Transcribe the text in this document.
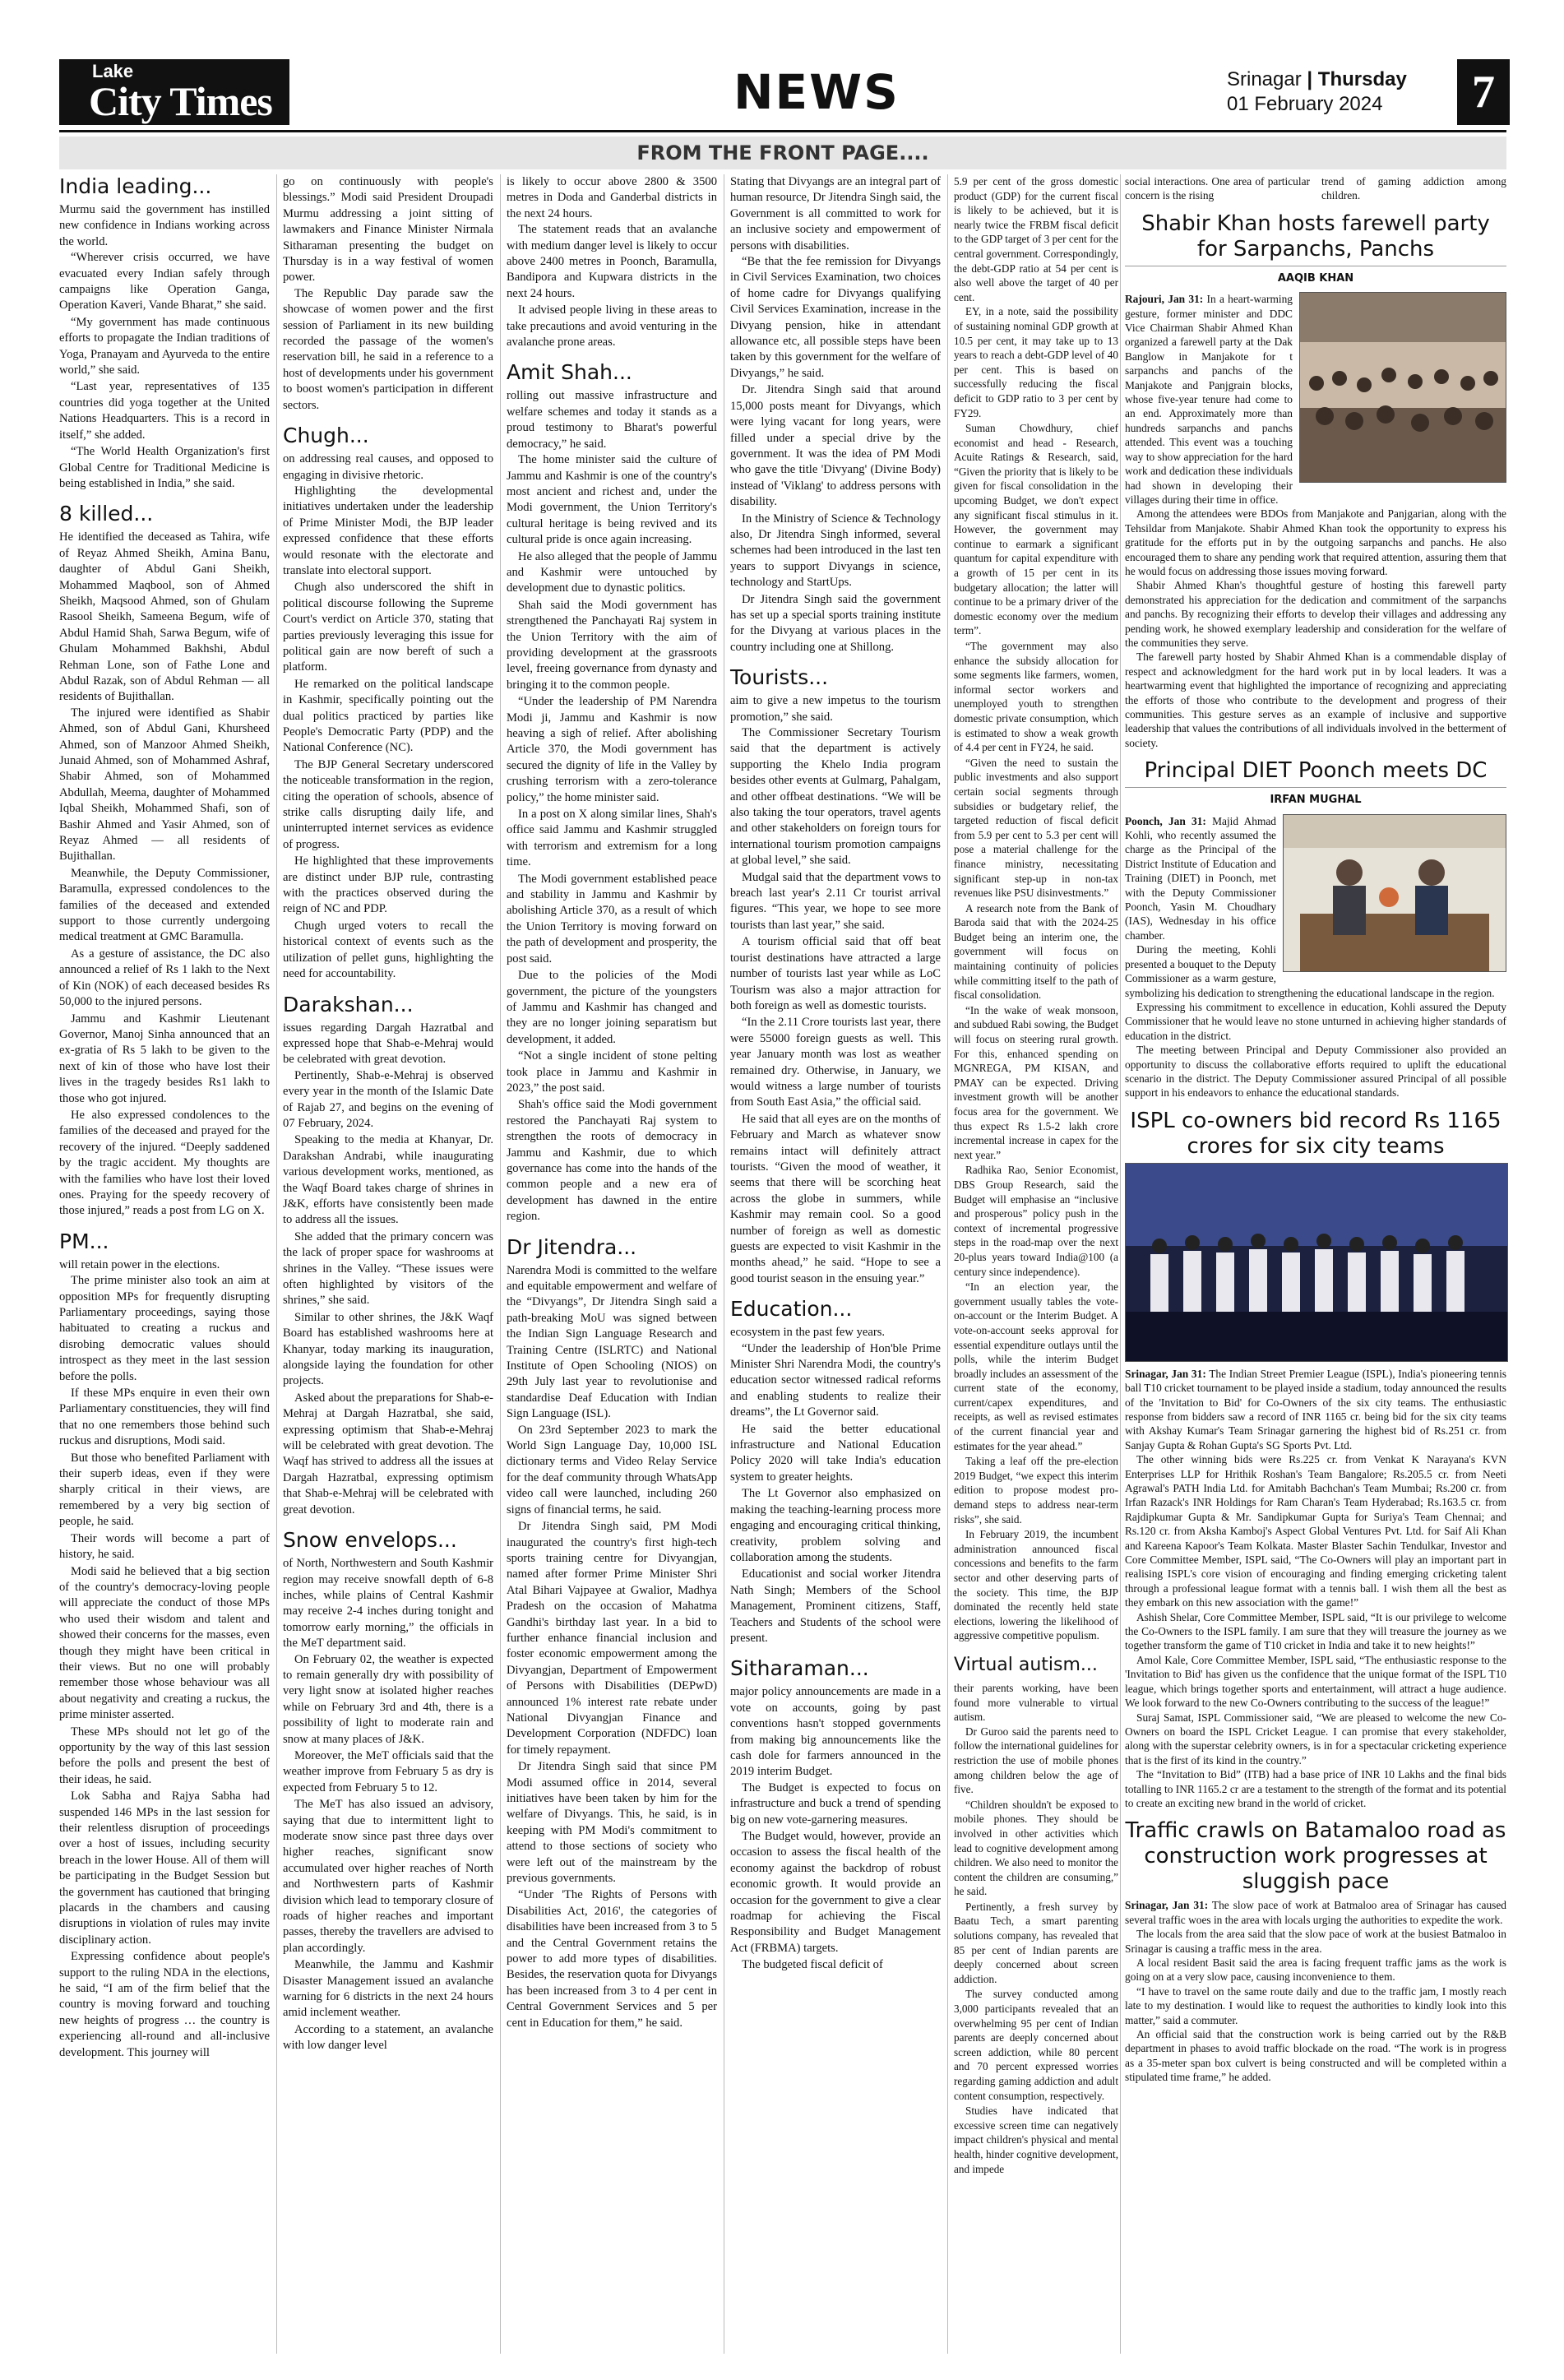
Lake
City Times	NEWS	Srinagar | Thursday
01 February 2024	7
FROM THE FRONT PAGE....
India leading...

Murmu said the government has instilled new confidence in Indians working across the world.

“Wherever crisis occurred, we have evacuated every Indian safely through campaigns like Operation Ganga, Operation Kaveri, Vande Bharat,” she said.

“My government has made continuous efforts to propagate the Indian traditions of Yoga, Pranayam and Ayurveda to the entire world,” she said.

“Last year, representatives of 135 countries did yoga together at the United Nations Headquarters. This is a record in itself,” she added.

“The World Health Organization's first Global Centre for Traditional Medicine is being established in India,” she said.

8 killed...

He identified the deceased as Tahira, wife of Reyaz Ahmed Sheikh, Amina Banu, daughter of Abdul Gani Sheikh, Mohammed Maqbool, son of Ahmed Sheikh, Maqsood Ahmed, son of Ghulam Rasool Sheikh, Sameena Begum, wife of Abdul Hamid Shah, Sarwa Begum, wife of Ghulam Mohammed Bakhshi, Abdul Rehman Lone, son of Fathe Lone and Abdul Razak, son of Abdul Rehman — all residents of Bujithallan.

The injured were identified as Shabir Ahmed, son of Abdul Gani, Khursheed Ahmed, son of Manzoor Ahmed Sheikh, Junaid Ahmed, son of Mohammed Ashraf, Shabir Ahmed, son of Mohammed Abdullah, Meema, daughter of Mohammed Iqbal Sheikh, Mohammed Shafi, son of Bashir Ahmed and Yasir Ahmed, son of Reyaz Ahmed — all residents of Bujithallan.

Meanwhile, the Deputy Commissioner, Baramulla, expressed condolences to the families of the deceased and extended support to those currently undergoing medical treatment at GMC Baramulla.

As a gesture of assistance, the DC also announced a relief of Rs 1 lakh to the Next of Kin (NOK) of each deceased besides Rs 50,000 to the injured persons.

Jammu and Kashmir Lieutenant Governor, Manoj Sinha announced that an ex-gratia of Rs 5 lakh to be given to the next of kin of those who have lost their lives in the tragedy besides Rs1 lakh to those who got injured.

He also expressed condolences to the families of the deceased and prayed for the recovery of the injured. “Deeply saddened by the tragic accident. My thoughts are with the families who have lost their loved ones. Praying for the speedy recovery of those injured,” reads a post from LG on X.

PM...

will retain power in the elections.

The prime minister also took an aim at opposition MPs for frequently disrupting Parliamentary proceedings, saying those habituated to creating a ruckus and disrobing democratic values should introspect as they meet in the last session before the polls.

If these MPs enquire in even their own Parliamentary constituencies, they will find that no one remembers those behind such ruckus and disruptions, Modi said.

But those who benefited Parliament with their superb ideas, even if they were sharply critical in their views, are remembered by a very big section of people, he said.

Their words will become a part of history, he said.

Modi said he believed that a big section of the country's democracy-loving people will appreciate the conduct of those MPs who used their wisdom and talent and showed their concerns for the masses, even though they might have been critical in their views. But no one will probably remember those whose behaviour was all about negativity and creating a ruckus, the prime minister asserted.

These MPs should not let go of the opportunity by the way of this last session before the polls and present the best of their ideas, he said.

Lok Sabha and Rajya Sabha had suspended 146 MPs in the last session for their relentless disruption of proceedings over a host of issues, including security breach in the lower House. All of them will be participating in the Budget Session but the government has cautioned that bringing placards in the chambers and causing disruptions in violation of rules may invite disciplinary action.

Expressing confidence about people's support to the ruling NDA in the elections, he said, “I am of the firm belief that the country is moving forward and touching new heights of progress … the country is experiencing all-round and all-inclusive development. This journey will

go on continuously with people's blessings.” Modi said President Droupadi Murmu addressing a joint sitting of lawmakers and Finance Minister Nirmala Sitharaman presenting the budget on Thursday is in a way festival of women power.

The Republic Day parade saw the showcase of women power and the first session of Parliament in its new building recorded the passage of the women's reservation bill, he said in a reference to a host of developments under his government to boost women's participation in different sectors.

Chugh...

on addressing real causes, and opposed to engaging in divisive rhetoric.

Highlighting the developmental initiatives undertaken under the leadership of Prime Minister Modi, the BJP leader expressed confidence that these efforts would resonate with the electorate and translate into electoral support.

Chugh also underscored the shift in political discourse following the Supreme Court's verdict on Article 370, stating that parties previously leveraging this issue for political gain are now bereft of such a platform.

He remarked on the political landscape in Kashmir, specifically pointing out the dual politics practiced by parties like People's Democratic Party (PDP) and the National Conference (NC).

The BJP General Secretary underscored the noticeable transformation in the region, citing the operation of schools, absence of strike calls disrupting daily life, and uninterrupted internet services as evidence of progress.

He highlighted that these improvements are distinct under BJP rule, contrasting with the practices observed during the reign of NC and PDP.

Chugh urged voters to recall the historical context of events such as the utilization of pellet guns, highlighting the need for accountability.

Darakshan...

issues regarding Dargah Hazratbal and expressed hope that Shab-e-Mehraj would be celebrated with great devotion.

Pertinently, Shab-e-Mehraj is observed every year in the month of the Islamic Date of Rajab 27, and begins on the evening of 07 February, 2024.

Speaking to the media at Khanyar, Dr. Darakshan Andrabi, while inaugurating various development works, mentioned, as the Waqf Board takes charge of shrines in J&K, efforts have consistently been made to address all the issues.

She added that the primary concern was the lack of proper space for washrooms at shrines in the Valley. “These issues were often highlighted by visitors of the shrines,” she said.

Similar to other shrines, the J&K Waqf Board has established washrooms here at Khanyar, today marking its inauguration, alongside laying the foundation for other projects.

Asked about the preparations for Shab-e-Mehraj at Dargah Hazratbal, she said, expressing optimism that Shab-e-Mehraj will be celebrated with great devotion. The Waqf has strived to address all the issues at Dargah Hazratbal, expressing optimism that Shab-e-Mehraj will be celebrated with great devotion.

Snow envelops...

of North, Northwestern and South Kashmir region may receive snowfall depth of 6-8 inches, while plains of Central Kashmir may receive 2-4 inches during tonight and tomorrow early morning,” the officials in the MeT department said.

On February 02, the weather is expected to remain generally dry with possibility of very light snow at isolated higher reaches while on February 3rd and 4th, there is a possibility of light to moderate rain and snow at many places of J&K.

Moreover, the MeT officials said that the weather improve from February 5 as dry is expected from February 5 to 12.

The MeT has also issued an advisory, saying that due to intermittent light to moderate snow since past three days over higher reaches, significant snow accumulated over higher reaches of North and Northwestern parts of Kashmir division which lead to temporary closure of roads of higher reaches and important passes, thereby the travellers are advised to plan accordingly.

Meanwhile, the Jammu and Kashmir Disaster Management issued an avalanche warning for 6 districts in the next 24 hours amid inclement weather.

According to a statement, an avalanche with low danger level

is likely to occur above 2800 & 3500 metres in Doda and Ganderbal districts in the next 24 hours.

The statement reads that an avalanche with medium danger level is likely to occur above 2400 metres in Poonch, Baramulla, Bandipora and Kupwara districts in the next 24 hours.

It advised people living in these areas to take precautions and avoid venturing in the avalanche prone areas.

Amit Shah...

rolling out massive infrastructure and welfare schemes and today it stands as a proud testimony to Bharat's powerful democracy,” he said.

The home minister said the culture of Jammu and Kashmir is one of the country's most ancient and richest and, under the Modi government, the Union Territory's cultural heritage is being revived and its cultural pride is once again increasing.

He also alleged that the people of Jammu and Kashmir were untouched by development due to dynastic politics.

Shah said the Modi government has strengthened the Panchayati Raj system in the Union Territory with the aim of providing development at the grassroots level, freeing governance from dynasty and bringing it to the common people.

“Under the leadership of PM Narendra Modi ji, Jammu and Kashmir is now heaving a sigh of relief. After abolishing Article 370, the Modi government has secured the dignity of life in the Valley by crushing terrorism with a zero-tolerance policy,” the home minister said.

In a post on X along similar lines, Shah's office said Jammu and Kashmir struggled with terrorism and extremism for a long time.

The Modi government established peace and stability in Jammu and Kashmir by abolishing Article 370, as a result of which the Union Territory is moving forward on the path of development and prosperity, the post said.

Due to the policies of the Modi government, the picture of the youngsters of Jammu and Kashmir has changed and they are no longer joining separatism but development, it added.

“Not a single incident of stone pelting took place in Jammu and Kashmir in 2023,” the post said.

Shah's office said the Modi government restored the Panchayati Raj system to strengthen the roots of democracy in Jammu and Kashmir, due to which governance has come into the hands of the common people and a new era of development has dawned in the entire region.

Dr Jitendra...

Narendra Modi is committed to the welfare and equitable empowerment and welfare of the “Divyangs”, Dr Jitendra Singh said a path-breaking MoU was signed between the Indian Sign Language Research and Training Centre (ISLRTC) and National Institute of Open Schooling (NIOS) on 29th July last year to revolutionise and standardise Deaf Education with Indian Sign Language (ISL).

On 23rd September 2023 to mark the World Sign Language Day, 10,000 ISL dictionary terms and Video Relay Service for the deaf community through WhatsApp video call were launched, including 260 signs of financial terms, he said.

Dr Jitendra Singh said, PM Modi inaugurated the country's first high-tech sports training centre for Divyangjan, named after former Prime Minister Shri Atal Bihari Vajpayee at Gwalior, Madhya Pradesh on the occasion of Mahatma Gandhi's birthday last year. In a bid to further enhance financial inclusion and foster economic empowerment among the Divyangjan, Department of Empowerment of Persons with Disabilities (DEPwD) announced 1% interest rate rebate under National Divyangjan Finance and Development Corporation (NDFDC) loan for timely repayment.

Dr Jitendra Singh said that since PM Modi assumed office in 2014, several initiatives have been taken by him for the welfare of Divyangs. This, he said, is in keeping with PM Modi's commitment to attend to those sections of society who were left out of the mainstream by the previous governments.

“Under 'The Rights of Persons with Disabilities Act, 2016', the categories of disabilities have been increased from 3 to 5 and the Central Government retains the power to add more types of disabilities. Besides, the reservation quota for Divyangs has been increased from 3 to 4 per cent in Central Government Services and 5 per cent in Education for them,” he said.

Stating that Divyangs are an integral part of human resource, Dr Jitendra Singh said, the Government is all committed to work for an inclusive society and empowerment of persons with disabilities.

“Be that the fee remission for Divyangs in Civil Services Examination, two choices of home cadre for Divyangs qualifying Civil Services Examination, increase in the Divyang pension, hike in attendant allowance etc, all possible steps have been taken by this government for the welfare of Divyangs,” he said.

Dr. Jitendra Singh said that around 15,000 posts meant for Divyangs, which were lying vacant for long years, were filled under a special drive by the government. It was the idea of PM Modi who gave the title 'Divyang' (Divine Body) instead of 'Viklang' to address persons with disability.

In the Ministry of Science & Technology also, Dr Jitendra Singh informed, several schemes had been introduced in the last ten years to support Divyangs in science, technology and StartUps.

Dr Jitendra Singh said the government has set up a special sports training institute for the Divyang at various places in the country including one at Shillong.

Tourists...

aim to give a new impetus to the tourism promotion,” she said.

The Commissioner Secretary Tourism said that the department is actively supporting the Khelo India program besides other events at Gulmarg, Pahalgam, and other offbeat destinations. “We will be also taking the tour operators, travel agents and other stakeholders on foreign tours for international tourism promotion campaigns at global level,” she said.

Mudgal said that the department vows to breach last year's 2.11 Cr tourist arrival figures. “This year, we hope to see more tourists than last year,” she said.

A tourism official said that off beat tourist destinations have attracted a large number of tourists last year while as LoC Tourism was also a major attraction for both foreign as well as domestic tourists.

“In the 2.11 Crore tourists last year, there were 55000 foreign guests as well. This year January month was lost as weather remained dry. Otherwise, in January, we would witness a large number of tourists from South East Asia,” the official said.

He said that all eyes are on the months of February and March as whatever snow remains intact will definitely attract tourists. “Given the mood of weather, it seems that there will be scorching heat across the globe in summers, while Kashmir may remain cool. So a good number of foreign as well as domestic guests are expected to visit Kashmir in the months ahead,” he said. “Hope to see a good tourist season in the ensuing year.”

Education...

ecosystem in the past few years.

“Under the leadership of Hon'ble Prime Minister Shri Narendra Modi, the country's education sector witnessed radical reforms and enabling students to realize their dreams”, the Lt Governor said.

He said the better educational infrastructure and National Education Policy 2020 will take India's education system to greater heights.

The Lt Governor also emphasized on making the teaching-learning process more engaging and encouraging critical thinking, creativity, problem solving and collaboration among the students.

Educationist and social worker Jitendra Nath Singh; Members of the School Management, Prominent citizens, Staff, Teachers and Students of the school were present.

Sitharaman...

major policy announcements are made in a vote on accounts, going by past conventions hasn't stopped governments from making big announcements like the cash dole for farmers announced in the 2019 interim Budget.

The Budget is expected to focus on infrastructure and buck a trend of spending big on new vote-garnering measures.

The Budget would, however, provide an occasion to assess the fiscal health of the economy against the backdrop of robust economic growth. It would provide an occasion for the government to give a clear roadmap for achieving the Fiscal Responsibility and Budget Management Act (FRBMA) targets.

The budgeted fiscal deficit of

5.9 per cent of the gross domestic product (GDP) for the current fiscal is likely to be achieved, but it is nearly twice the FRBM fiscal deficit to the GDP target of 3 per cent for the central government. Correspondingly, the debt-GDP ratio at 54 per cent is also well above the target of 40 per cent.

EY, in a note, said the possibility of sustaining nominal GDP growth at 10.5 per cent, it may take up to 13 years to reach a debt-GDP level of 40 per cent. This is based on successfully reducing the fiscal deficit to GDP ratio to 3 per cent by FY29.

Suman Chowdhury, chief economist and head - Research, Acuite Ratings & Research, said, “Given the priority that is likely to be given for fiscal consolidation in the upcoming Budget, we don't expect any significant fiscal stimulus in it. However, the government may continue to earmark a significant quantum for capital expenditure with a growth of 15 per cent in its budgetary allocation; the latter will continue to be a primary driver of the domestic economy over the medium term”.

“The government may also enhance the subsidy allocation for some segments like farmers, women, informal sector workers and unemployed youth to strengthen domestic private consumption, which is estimated to show a weak growth of 4.4 per cent in FY24, he said.

“Given the need to sustain the public investments and also support certain social segments through subsidies or budgetary relief, the targeted reduction of fiscal deficit from 5.9 per cent to 5.3 per cent will pose a material challenge for the finance ministry, necessitating significant step-up in non-tax revenues like PSU disinvestments.”

A research note from the Bank of Baroda said that with the 2024-25 Budget being an interim one, the government will focus on maintaining continuity of policies while committing itself to the path of fiscal consolidation.

“In the wake of weak monsoon, and subdued Rabi sowing, the Budget will focus on steering rural growth. For this, enhanced spending on MGNREGA, PM KISAN, and PMAY can be expected. Driving investment growth will be another focus area for the government. We thus expect Rs 1.5-2 lakh crore incremental increase in capex for the next year.”

Radhika Rao, Senior Economist, DBS Group Research, said the Budget will emphasise an “inclusive and prosperous” policy push in the context of incremental progressive steps in the road-map over the next 20-plus years toward India@100 (a century since independence).

“In an election year, the government usually tables the vote-on-account or the Interim Budget. A vote-on-account seeks approval for essential expenditure outlays until the polls, while the interim Budget broadly includes an assessment of the current state of the economy, current/capex expenditures, and receipts, as well as revised estimates of the current financial year and estimates for the year ahead.”

Taking a leaf off the pre-election 2019 Budget, “we expect this interim edition to propose modest pro-demand steps to address near-term risks”, she said.

In February 2019, the incumbent administration announced fiscal concessions and benefits to the farm sector and other deserving parts of the society. This time, the BJP dominated the recently held state elections, lowering the likelihood of aggressive competitive populism.

Virtual autism...

their parents working, have been found more vulnerable to virtual autism.

Dr Guroo said the parents need to follow the international guidelines for restriction the use of mobile phones among children below the age of five.

“Children shouldn't be exposed to mobile phones. They should be involved in other activities which lead to cognitive development among children. We also need to monitor the content the children are consuming,” he said.

Pertinently, a fresh survey by Baatu Tech, a smart parenting solutions company, has revealed that 85 per cent of Indian parents are deeply concerned about screen addiction.

The survey conducted among 3,000 participants revealed that an overwhelming 95 per cent of Indian parents are deeply concerned about screen addiction, while 80 percent and 70 percent expressed worries regarding gaming addiction and adult content consumption, respectively.

Studies have indicated that excessive screen time can negatively impact children's physical and mental health, hinder cognitive development, and impede

social interactions. One area of particular concern is the rising

trend of gaming addiction among children.

Shabir Khan hosts farewell party for Sarpanchs, Panchs
AAQIB KHAN

Rajouri, Jan 31: In a heart-warming gesture, former minister and DDC Vice Chairman Shabir Ahmed Khan organized a farewell party at the Dak Banglow in Manjakote for t sarpanchs and panchs of the Manjakote and Panjgrain blocks, whose five-year tenure had come to an end. Approximately more than hundreds sarpanchs and panchs attended. This event was a touching way to show appreciation for the hard work and dedication these individuals had shown in developing their villages during their time in office.

Among the attendees were BDOs from Manjakote and Panjgarian, along with the Tehsildar from Manjakote. Shabir Ahmed Khan took the opportunity to express his gratitude for the efforts put in by the outgoing sarpanchs and panchs. He also encouraged them to share any pending work that required attention, assuring them that he would focus on addressing those issues moving forward.

Shabir Ahmed Khan's thoughtful gesture of hosting this farewell party demonstrated his appreciation for the dedication and commitment of the sarpanchs and panchs. By recognizing their efforts to develop their villages and addressing any pending work, he showed exemplary leadership and consideration for the welfare of the communities they serve.

The farewell party hosted by Shabir Ahmed Khan is a commendable display of respect and acknowledgment for the hard work put in by local leaders. It was a heartwarming event that highlighted the importance of recognizing and appreciating the efforts of those who contribute to the development and progress of their communities. This gesture serves as an example of inclusive and supportive leadership that values the contributions of all individuals involved in the betterment of society.

Principal DIET Poonch meets DC
IRFAN MUGHAL

Poonch, Jan 31: Majid Ahmad Kohli, who recently assumed the charge as the Principal of the District Institute of Education and Training (DIET) in Poonch, met with the Deputy Commissioner Poonch, Yasin M. Choudhary (IAS), Wednesday in his office chamber.

During the meeting, Kohli presented a bouquet to the Deputy Commissioner as a warm gesture, symbolizing his dedication to strengthening the educational landscape in the region.

Expressing his commitment to excellence in education, Kohli assured the Deputy Commissioner that he would leave no stone unturned in achieving higher standards of education in the district.

The meeting between Principal and Deputy Commissioner also provided an opportunity to discuss the collaborative efforts required to uplift the educational scenario in the district. The Deputy Commissioner assured Principal of all possible support in his endeavors to enhance the educational standards.

ISPL co-owners bid record Rs 1165 crores for six city teams

Srinagar, Jan 31: The Indian Street Premier League (ISPL), India's pioneering tennis ball T10 cricket tournament to be played inside a stadium, today announced the results of the 'Invitation to Bid' for Co-Owners of the six city teams. The enthusiastic response from bidders saw a record of INR 1165 cr. being bid for the six city teams with Akshay Kumar's Team Srinagar garnering the highest bid of Rs.251 cr. from Sanjay Gupta & Rohan Gupta's SG Sports Pvt. Ltd.

The other winning bids were Rs.225 cr. from Venkat K Narayana's KVN Enterprises LLP for Hrithik Roshan's Team Bangalore; Rs.205.5 cr. from Neeti Agrawal's PATH India Ltd. for Amitabh Bachchan's Team Mumbai; Rs.200 cr. from Irfan Razack's INR Holdings for Ram Charan's Team Hyderabad; Rs.163.5 cr. from Rajdipkumar Gupta & Mr. Sandipkumar Gupta for Suriya's Team Chennai; and Rs.120 cr. from Aksha Kamboj's Aspect Global Ventures Pvt. Ltd. for Saif Ali Khan and Kareena Kapoor's Team Kolkata. Master Blaster Sachin Tendulkar, Investor and Core Committee Member, ISPL said, “The Co-Owners will play an important part in realising ISPL's core vision of encouraging and finding emerging cricketing talent through a professional league format with a tennis ball. I wish them all the best as they embark on this new association with the game!”

Ashish Shelar, Core Committee Member, ISPL said, “It is our privilege to welcome the Co-Owners to the ISPL family. I am sure that they will treasure the journey as we together transform the game of T10 cricket in India and take it to new heights!”

Amol Kale, Core Committee Member, ISPL said, “The enthusiastic response to the 'Invitation to Bid' has given us the confidence that the unique format of the ISPL T10 league, which brings together sports and entertainment, will attract a huge audience. We look forward to the new Co-Owners contributing to the success of the league!”

Suraj Samat, ISPL Commissioner said, “We are pleased to welcome the new Co-Owners on board the ISPL Cricket League. I can promise that every stakeholder, along with the superstar celebrity owners, is in for a spectacular cricketing experience that is the first of its kind in the country.”

The “Invitation to Bid” (ITB) had a base price of INR 10 Lakhs and the final bids totalling to INR 1165.2 cr are a testament to the strength of the format and its potential to create an exciting new brand in the world of cricket.

Traffic crawls on Batamaloo road as construction work progresses at sluggish pace

Srinagar, Jan 31: The slow pace of work at Batmaloo area of Srinagar has caused several traffic woes in the area with locals urging the authorities to expedite the work.

The locals from the area said that the slow pace of work at the busiest Batmaloo in Srinagar is causing a traffic mess in the area.

A local resident Basit said the area is facing frequent traffic jams as the work is going on at a very slow pace, causing inconvenience to them.

“I have to travel on the same route daily and due to the traffic jam, I mostly reach late to my destination. I would like to request the authorities to kindly look into this matter,” said a commuter.

An official said that the construction work is being carried out by the R&B department in phases to avoid traffic blockade on the road. “The work is in progress as a 35-meter span box culvert is being constructed and will be completed within a stipulated time frame,” he added.
